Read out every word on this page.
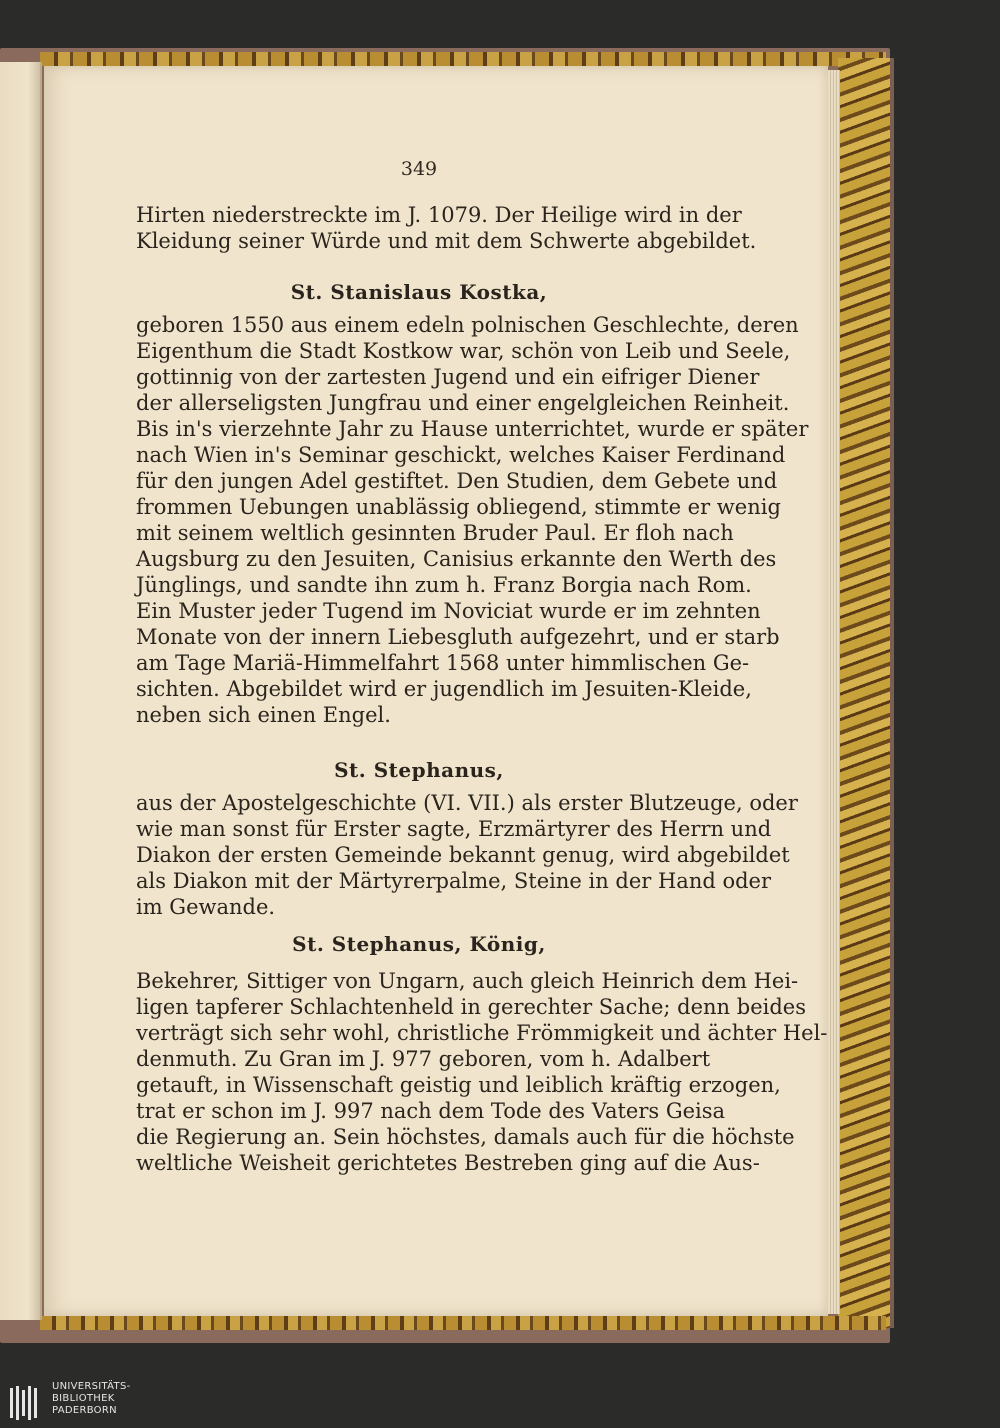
349
Hirten niederstreckte im J. 1079. Der Heilige wird in der
Kleidung seiner Würde und mit dem Schwerte abgebildet.
St. Stanislaus Kostka,
geboren 1550 aus einem edeln polnischen Geschlechte, deren
Eigenthum die Stadt Kostkow war, schön von Leib und Seele,
gottinnig von der zartesten Jugend und ein eifriger Diener
der allerseligsten Jungfrau und einer engelgleichen Reinheit.
Bis in's vierzehnte Jahr zu Hause unterrichtet, wurde er später
nach Wien in's Seminar geschickt, welches Kaiser Ferdinand
für den jungen Adel gestiftet. Den Studien, dem Gebete und
frommen Uebungen unablässig obliegend, stimmte er wenig
mit seinem weltlich gesinnten Bruder Paul. Er floh nach
Augsburg zu den Jesuiten, Canisius erkannte den Werth des
Jünglings, und sandte ihn zum h. Franz Borgia nach Rom.
Ein Muster jeder Tugend im Noviciat wurde er im zehnten
Monate von der innern Liebesgluth aufgezehrt, und er starb
am Tage Mariä-Himmelfahrt 1568 unter himmlischen Ge-
sichten. Abgebildet wird er jugendlich im Jesuiten-Kleide,
neben sich einen Engel.
St. Stephanus,
aus der Apostelgeschichte (VI. VII.) als erster Blutzeuge, oder
wie man sonst für Erster sagte, Erzmärtyrer des Herrn und
Diakon der ersten Gemeinde bekannt genug, wird abgebildet
als Diakon mit der Märtyrerpalme, Steine in der Hand oder
im Gewande.
St. Stephanus, König,
Bekehrer, Sittiger von Ungarn, auch gleich Heinrich dem Hei-
ligen tapferer Schlachtenheld in gerechter Sache; denn beides
verträgt sich sehr wohl, christliche Frömmigkeit und ächter Hel-
denmuth. Zu Gran im J. 977 geboren, vom h. Adalbert
getauft, in Wissenschaft geistig und leiblich kräftig erzogen,
trat er schon im J. 997 nach dem Tode des Vaters Geisa
die Regierung an. Sein höchstes, damals auch für die höchste
weltliche Weisheit gerichtetes Bestreben ging auf die Aus-
UNIVERSITÄTS-
BIBLIOTHEK
PADERBORN
